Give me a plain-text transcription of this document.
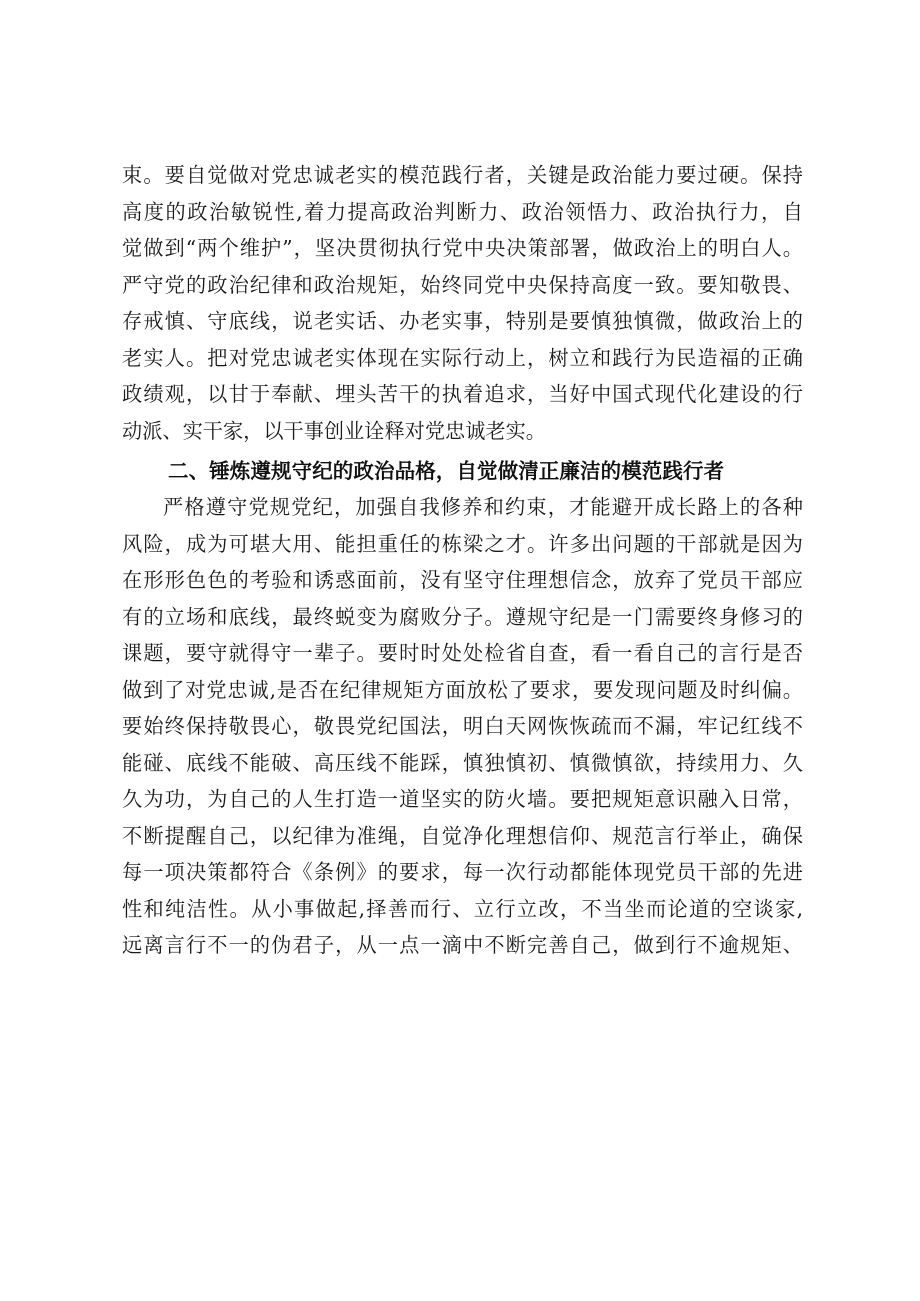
束。要自觉做对党忠诚老实的模范践行者，关键是政治能力要过硬。保持
高度的政治敏锐性,着力提高政治判断力、政治领悟力、政治执行力，自
觉做到“两个维护”，坚决贯彻执行党中央决策部署，做政治上的明白人。
严守党的政治纪律和政治规矩，始终同党中央保持高度一致。要知敬畏、
存戒慎、守底线，说老实话、办老实事，特别是要慎独慎微，做政治上的
老实人。把对党忠诚老实体现在实际行动上，树立和践行为民造福的正确
政绩观，以甘于奉献、埋头苦干的执着追求，当好中国式现代化建设的行
动派、实干家，以干事创业诠释对党忠诚老实。
二、锤炼遵规守纪的政治品格，自觉做清正廉洁的模范践行者
严格遵守党规党纪，加强自我修养和约束，才能避开成长路上的各种
风险，成为可堪大用、能担重任的栋梁之才。许多出问题的干部就是因为
在形形色色的考验和诱惑面前，没有坚守住理想信念，放弃了党员干部应
有的立场和底线，最终蜕变为腐败分子。遵规守纪是一门需要终身修习的
课题，要守就得守一辈子。要时时处处检省自查，看一看自己的言行是否
做到了对党忠诚,是否在纪律规矩方面放松了要求，要发现问题及时纠偏。
要始终保持敬畏心，敬畏党纪国法，明白天网恢恢疏而不漏，牢记红线不
能碰、底线不能破、高压线不能踩，慎独慎初、慎微慎欲，持续用力、久
久为功，为自己的人生打造一道坚实的防火墙。要把规矩意识融入日常，
不断提醒自己，以纪律为准绳，自觉净化理想信仰、规范言行举止，确保
每一项决策都符合《条例》的要求，每一次行动都能体现党员干部的先进
性和纯洁性。从小事做起,择善而行、立行立改，不当坐而论道的空谈家,
远离言行不一的伪君子，从一点一滴中不断完善自己，做到行不逾规矩、
